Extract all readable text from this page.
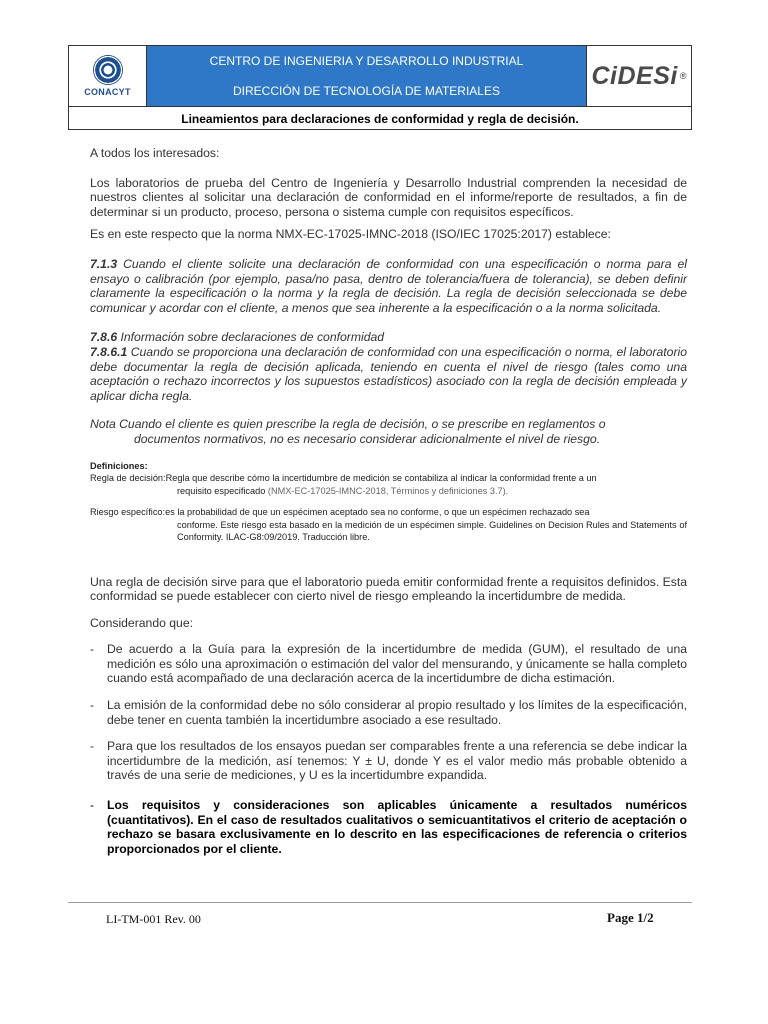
CONACYT
CENTRO DE INGENIERIA Y DESARROLLO INDUSTRIAL
DIRECCIÓN DE TECNOLOGÍA DE MATERIALES
CiDESi ®
Lineamientos para declaraciones de conformidad y regla de decisión.

A todos los interesados:

Los laboratorios de prueba del Centro de Ingeniería y Desarrollo Industrial comprenden la necesidad de nuestros clientes al solicitar una declaración de conformidad en el informe/reporte de resultados, a fin de determinar si un producto, proceso, persona o sistema cumple con requisitos específicos.

Es en este respecto que la norma NMX-EC-17025-IMNC-2018 (ISO/IEC 17025:2017) establece:

7.1.3 Cuando el cliente solicite una declaración de conformidad con una especificación o norma para el ensayo o calibración (por ejemplo, pasa/no pasa, dentro de tolerancia/fuera de tolerancia), se deben definir claramente la especificación o la norma y la regla de decisión. La regla de decisión seleccionada se debe comunicar y acordar con el cliente, a menos que sea inherente a la especificación o a la norma solicitada.

7.8.6 Información sobre declaraciones de conformidad

7.8.6.1 Cuando se proporciona una declaración de conformidad con una especificación o norma, el laboratorio debe documentar la regla de decisión aplicada, teniendo en cuenta el nivel de riesgo (tales como una aceptación o rechazo incorrectos y los supuestos estadísticos) asociado con la regla de decisión empleada y aplicar dicha regla.

Nota Cuando el cliente es quien prescribe la regla de decisión, o se prescribe en reglamentos o

documentos normativos, no es necesario considerar adicionalmente el nivel de riesgo.

Definiciones:
Regla de decisión: Regla que describe cómo la incertidumbre de medición se contabiliza al indicar la conformidad frente a un
requisito especificado (NMX-EC-17025-IMNC-2018, Términos y definiciones 3.7).
Riesgo específico: es la probabilidad de que un espécimen aceptado sea no conforme, o que un espécimen rechazado sea
conforme. Este riesgo esta basado en la medición de un espécimen simple. Guidelines on Decision Rules and Statements of Conformity. ILAC-G8:09/2019. Traducción libre.

Una regla de decisión sirve para que el laboratorio pueda emitir conformidad frente a requisitos definidos. Esta conformidad se puede establecer con cierto nivel de riesgo empleando la incertidumbre de medida.

Considerando que:

- De acuerdo a la Guía para la expresión de la incertidumbre de medida (GUM), el resultado de una medición es sólo una aproximación o estimación del valor del mensurando, y únicamente se halla completo cuando está acompañado de una declaración acerca de la incertidumbre de dicha estimación.
- La emisión de la conformidad debe no sólo considerar al propio resultado y los límites de la especificación, debe tener en cuenta también la incertidumbre asociado a ese resultado.
- Para que los resultados de los ensayos puedan ser comparables frente a una referencia se debe indicar la incertidumbre de la medición, así tenemos: Y ± U, donde Y es el valor medio más probable obtenido a través de una serie de mediciones, y U es la incertidumbre expandida.
- Los requisitos y consideraciones son aplicables únicamente a resultados numéricos (cuantitativos). En el caso de resultados cualitativos o semicuantitativos el criterio de aceptación o rechazo se basara exclusivamente en lo descrito en las especificaciones de referencia o criterios proporcionados por el cliente.
LI-TM-001 Rev. 00	Page 1/2
